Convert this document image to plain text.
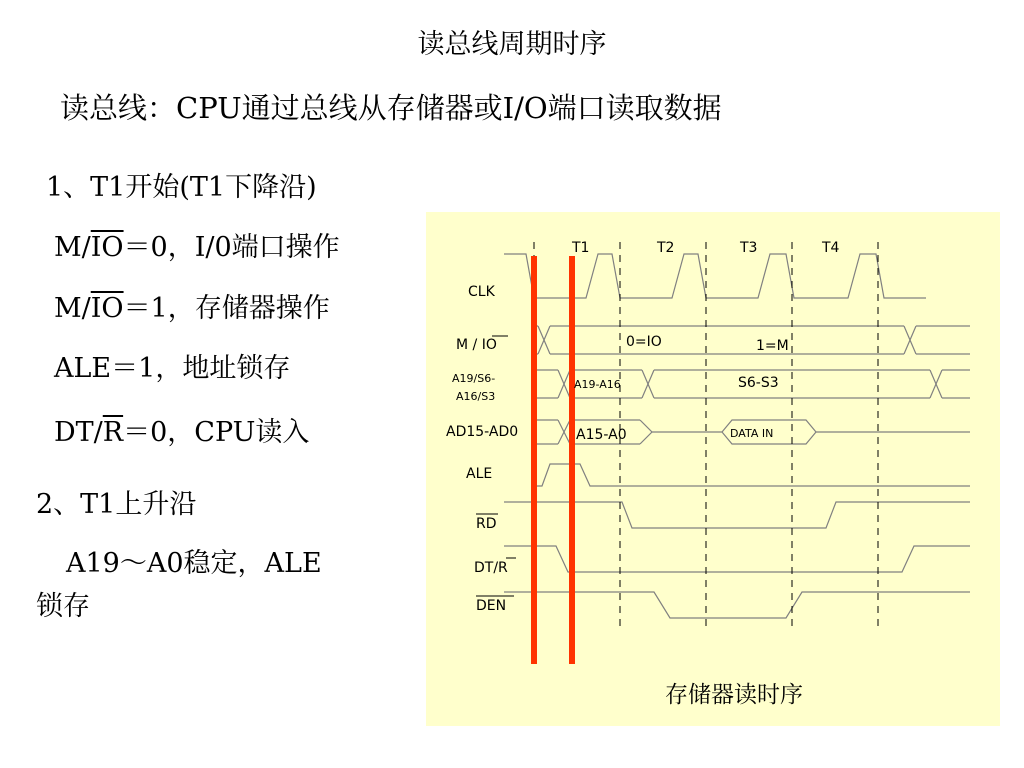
读总线周期时序
读总线：CPU通过总线从存储器或I/O端口读取数据
1、T1开始(T1下降沿)
$M/\overline{IO}=0$，I/0端口操作
$M/\overline{IO}=1$，存储器操作
ALE＝1，地址锁存
$DT/\overline{R}=0$，CPU读入
2、T1上升沿
A19～A0稳定，ALE
锁存
T1	T2	T3	T4
CLK
M / IO
A19/S6-
A16/S3
AD15-AD0
ALE
RD
DT/R
DEN
0=IO	1=M
A19-A16	S6-S3
A15-A0	DATA IN
存储器读时序
